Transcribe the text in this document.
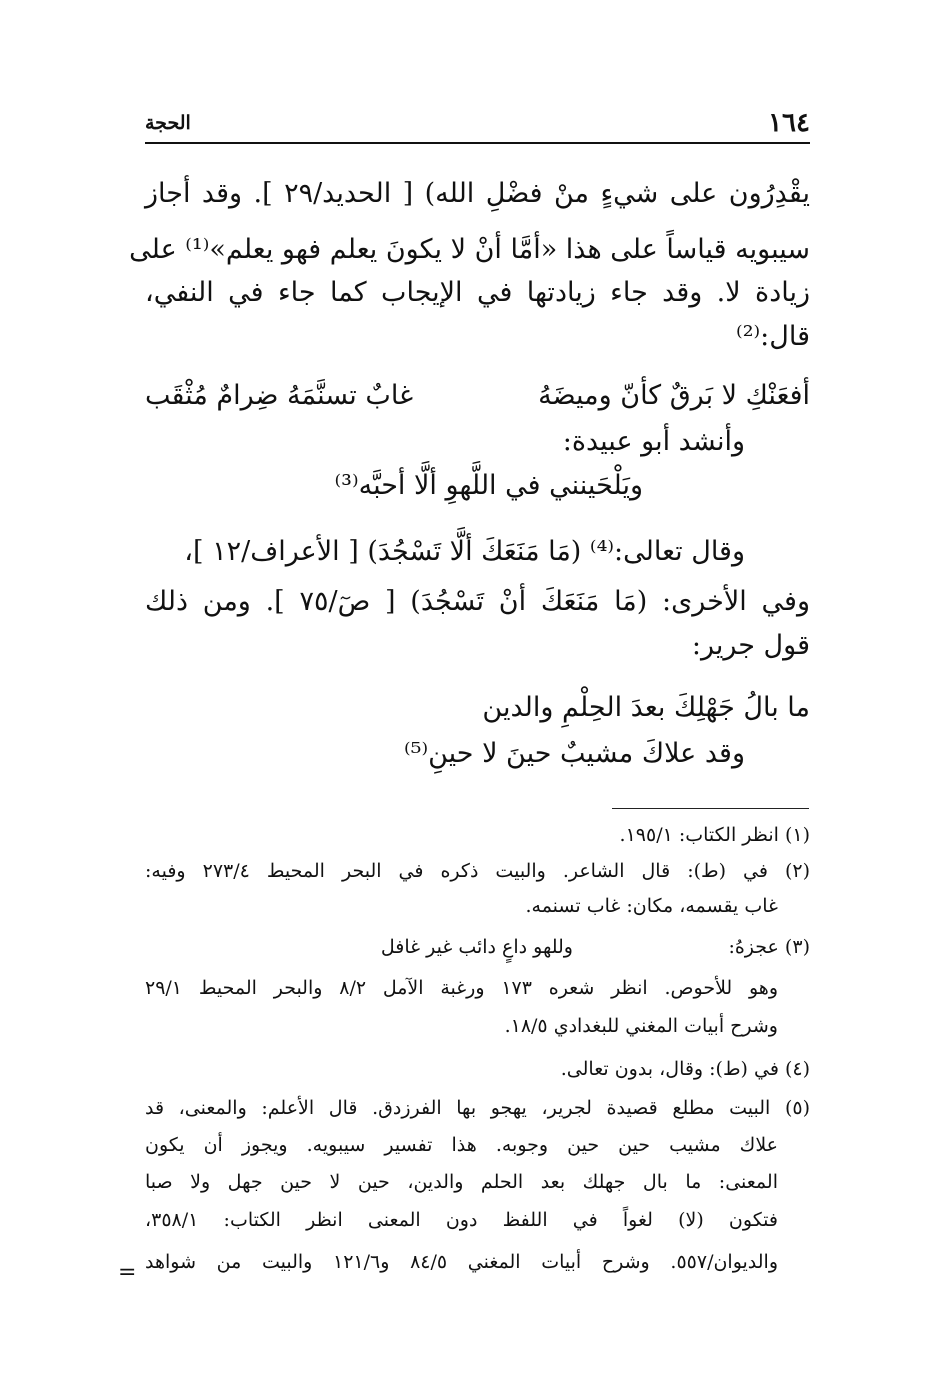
١٦٤
الحجة
يقْدِرُون على شيءٍ منْ فضْلِ الله) [ الحديد/٢٩ ]. وقد أجاز
سيبويه قياساً على هذا «أمَّا أنْ لا يكونَ يعلم فهو يعلم»⁽¹⁾ على
زيادة لا. وقد جاء زيادتها في الإيجاب كما جاء في النفي،
قال:⁽²⁾
أفعَنْكِ لا بَرقٌ كأنّ وميضَهُ
غابٌ تسنَّمَهُ ضِرامٌ مُثْقَب
وأنشد أبو عبيدة:
ويَلْحَينني في اللَّهوِ ألَّا أحبَّه⁽³⁾
وقال تعالى:⁽⁴⁾ (مَا مَنَعَكَ ألَّا تَسْجُدَ) [ الأعراف/١٢ ]،
وفي الأخرى: (مَا مَنَعَكَ أنْ تَسْجُدَ) [ صٓ/٧٥ ]. ومن ذلك
قول جرير:
ما بالُ جَهْلِكَ بعدَ الحِلْمِ والدين
وقد علاكَ مشيبٌ حينَ لا حينِ⁽⁵⁾
(١) انظر الكتاب: ١٩٥/١.
(٢) في (ط): قال الشاعر. والبيت ذكره في البحر المحيط ٢٧٣/٤ وفيه:
غاب يقسمه، مكان: غاب تسنمه.
(٣) عجزهُ:
وللهو داعٍ دائب غير غافل
وهو للأحوص. انظر شعره ١٧٣ ورغبة الآمل ٨/٢ والبحر المحيط ٢٩/١
وشرح أبيات المغني للبغدادي ١٨/٥.
(٤) في (ط): وقال، بدون تعالى.
(٥) البيت مطلع قصيدة لجرير، يهجو بها الفرزدق. قال الأعلم: والمعنى، قد
علاك مشيب حين حين وجوبه. هذا تفسير سيبويه. ويجوز أن يكون
المعنى: ما بال جهلك بعد الحلم والدين، حين لا حين جهل ولا صبا
فتكون (لا) لغواً في اللفظ دون المعنى انظر الكتاب: ٣٥٨/١،
والديوان/٥٥٧. وشرح أبيات المغني ٨٤/٥ و١٢١/٦ والبيت من شواهد
=
